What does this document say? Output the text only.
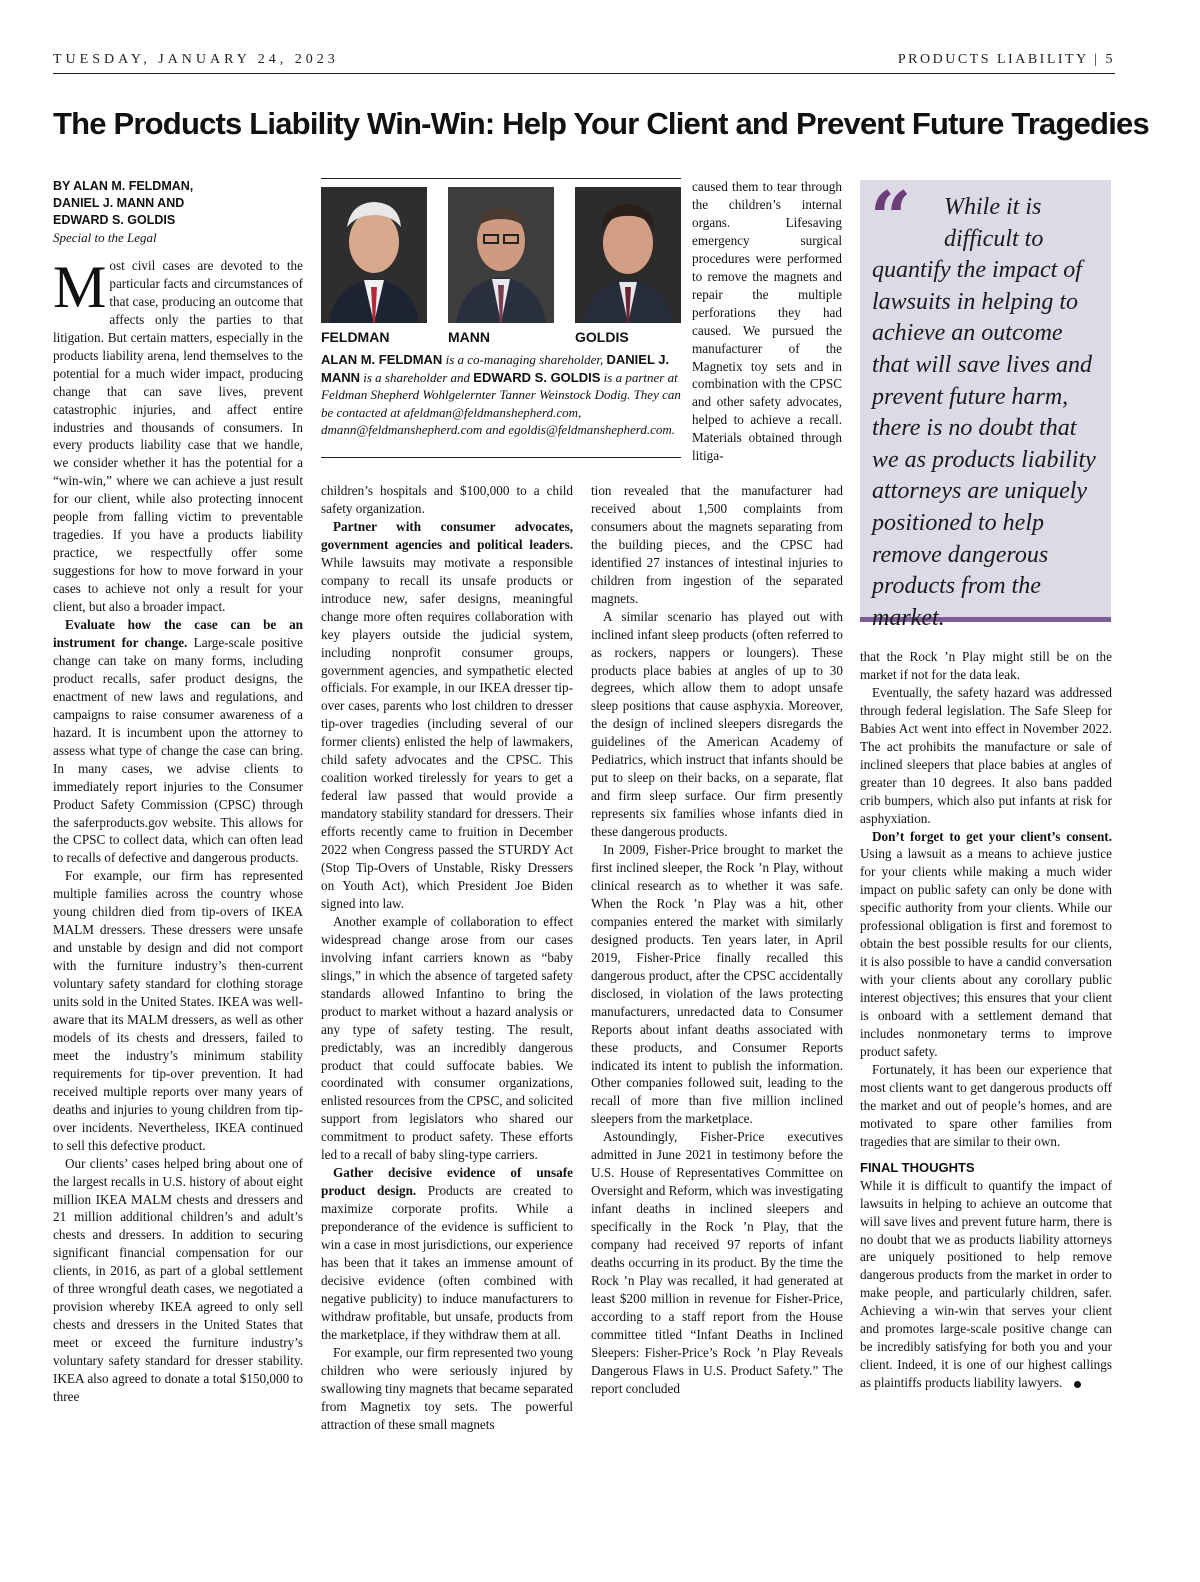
TUESDAY, JANUARY 24, 2023	PRODUCTS LIABILITY | 5
The Products Liability Win-Win: Help Your Client and Prevent Future Tragedies
BY ALAN M. FELDMAN,
DANIEL J. MANN AND
EDWARD S. GOLDIS
Special to the Legal

Most civil cases are devoted to the particular facts and circumstances of that case, producing an outcome that affects only the parties to that litigation. But certain matters, especially in the products liability arena, lend themselves to the potential for a much wider impact, producing change that can save lives, prevent catastrophic injuries, and affect entire industries and thousands of consumers. In every products liability case that we handle, we consider whether it has the potential for a “win-win,” where we can achieve a just result for our client, while also protecting innocent people from falling victim to preventable tragedies. If you have a products liability practice, we respectfully offer some suggestions for how to move forward in your cases to achieve not only a result for your client, but also a broader impact.

Evaluate how the case can be an instrument for change. Large-scale positive change can take on many forms, including product recalls, safer product designs, the enactment of new laws and regulations, and campaigns to raise consumer awareness of a hazard. It is incumbent upon the attorney to assess what type of change the case can bring. In many cases, we advise clients to immediately report injuries to the Consumer Product Safety Commission (CPSC) through the saferproducts.gov website. This allows for the CPSC to collect data, which can often lead to recalls of defective and dangerous products.

For example, our firm has represented multiple families across the country whose young children died from tip-overs of IKEA MALM dressers. These dressers were unsafe and unstable by design and did not comport with the furniture industry’s then-current voluntary safety standard for clothing storage units sold in the United States. IKEA was well-aware that its MALM dressers, as well as other models of its chests and dressers, failed to meet the industry’s minimum stability requirements for tip-over prevention. It had received multiple reports over many years of deaths and injuries to young children from tip-over incidents. Nevertheless, IKEA continued to sell this defective product.

Our clients’ cases helped bring about one of the largest recalls in U.S. history of about eight million IKEA MALM chests and dressers and 21 million additional children’s and adult’s chests and dressers. In addition to securing significant financial compensation for our clients, in 2016, as part of a global settlement of three wrongful death cases, we negotiated a provision whereby IKEA agreed to only sell chests and dressers in the United States that meet or exceed the furniture industry’s voluntary safety standard for dresser stability. IKEA also agreed to donate a total $150,000 to three

FELDMAN	MANN	GOLDIS
ALAN M. FELDMAN is a co-managing shareholder, DANIEL J. MANN is a shareholder and EDWARD S. GOLDIS is a partner at Feldman Shepherd Wohlgelernter Tanner Weinstock Dodig. They can be contacted at afeldman@feldmanshepherd.com, dmann@feldmanshepherd.com and egoldis@feldmanshepherd.com.

children’s hospitals and $100,000 to a child safety organization.

Partner with consumer advocates, government agencies and political leaders. While lawsuits may motivate a responsible company to recall its unsafe products or introduce new, safer designs, meaningful change more often requires collaboration with key players outside the judicial system, including nonprofit consumer groups, government agencies, and sympathetic elected officials. For example, in our IKEA dresser tip-over cases, parents who lost children to dresser tip-over tragedies (including several of our former clients) enlisted the help of lawmakers, child safety advocates and the CPSC. This coalition worked tirelessly for years to get a federal law passed that would provide a mandatory stability standard for dressers. Their efforts recently came to fruition in December 2022 when Congress passed the STURDY Act (Stop Tip-Overs of Unstable, Risky Dressers on Youth Act), which President Joe Biden signed into law.

Another example of collaboration to effect widespread change arose from our cases involving infant carriers known as “baby slings,” in which the absence of targeted safety standards allowed Infantino to bring the product to market without a hazard analysis or any type of safety testing. The result, predictably, was an incredibly dangerous product that could suffocate babies. We coordinated with consumer organizations, enlisted resources from the CPSC, and solicited support from legislators who shared our commitment to product safety. These efforts led to a recall of baby sling-type carriers.

Gather decisive evidence of unsafe product design. Products are created to maximize corporate profits. While a preponderance of the evidence is sufficient to win a case in most jurisdictions, our experience has been that it takes an immense amount of decisive evidence (often combined with negative publicity) to induce manufacturers to withdraw profitable, but unsafe, products from the marketplace, if they withdraw them at all.

For example, our firm represented two young children who were seriously injured by swallowing tiny magnets that became separated from Magnetix toy sets. The powerful attraction of these small magnets

caused them to tear through the children’s internal organs. Lifesaving emergency surgical procedures were performed to remove the magnets and repair the multiple perforations they had caused. We pursued the manufacturer of the Magnetix toy sets and in combination with the CPSC and other safety advocates, helped to achieve a recall. Materials obtained through litiga-

tion revealed that the manufacturer had received about 1,500 complaints from consumers about the magnets separating from the building pieces, and the CPSC had identified 27 instances of intestinal injuries to children from ingestion of the separated magnets.

A similar scenario has played out with inclined infant sleep products (often referred to as rockers, nappers or loungers). These products place babies at angles of up to 30 degrees, which allow them to adopt unsafe sleep positions that cause asphyxia. Moreover, the design of inclined sleepers disregards the guidelines of the American Academy of Pediatrics, which instruct that infants should be put to sleep on their backs, on a separate, flat and firm sleep surface. Our firm presently represents six families whose infants died in these dangerous products.

In 2009, Fisher-Price brought to market the first inclined sleeper, the Rock ’n Play, without clinical research as to whether it was safe. When the Rock ’n Play was a hit, other companies entered the market with similarly designed products. Ten years later, in April 2019, Fisher-Price finally recalled this dangerous product, after the CPSC accidentally disclosed, in violation of the laws protecting manufacturers, unredacted data to Consumer Reports about infant deaths associated with these products, and Consumer Reports indicated its intent to publish the information. Other companies followed suit, leading to the recall of more than five million inclined sleepers from the marketplace.

Astoundingly, Fisher-Price executives admitted in June 2021 in testimony before the U.S. House of Representatives Committee on Oversight and Reform, which was investigating infant deaths in inclined sleepers and specifically in the Rock ’n Play, that the company had received 97 reports of infant deaths occurring in its product. By the time the Rock ’n Play was recalled, it had generated at least $200 million in revenue for Fisher-Price, according to a staff report from the House committee titled “Infant Deaths in Inclined Sleepers: Fisher-Price’s Rock ’n Play Reveals Dangerous Flaws in U.S. Product Safety.” The report concluded

“	While it is difficult to
quantify the impact of lawsuits in helping to achieve an outcome that will save lives and prevent future harm, there is no doubt that we as products liability attorneys are uniquely positioned to help remove dangerous products from the market.

that the Rock ’n Play might still be on the market if not for the data leak.

Eventually, the safety hazard was addressed through federal legislation. The Safe Sleep for Babies Act went into effect in November 2022. The act prohibits the manufacture or sale of inclined sleepers that place babies at angles of greater than 10 degrees. It also bans padded crib bumpers, which also put infants at risk for asphyxiation.

Don’t forget to get your client’s consent. Using a lawsuit as a means to achieve justice for your clients while making a much wider impact on public safety can only be done with specific authority from your clients. While our professional obligation is first and foremost to obtain the best possible results for our clients, it is also possible to have a candid conversation with your clients about any corollary public interest objectives; this ensures that your client is onboard with a settlement demand that includes nonmonetary terms to improve product safety.

Fortunately, it has been our experience that most clients want to get dangerous products off the market and out of people’s homes, and are motivated to spare other families from tragedies that are similar to their own.

FINAL THOUGHTS

While it is difficult to quantify the impact of lawsuits in helping to achieve an outcome that will save lives and prevent future harm, there is no doubt that we as products liability attorneys are uniquely positioned to help remove dangerous products from the market in order to make people, and particularly children, safer. Achieving a win-win that serves your client and promotes large-scale positive change can be incredibly satisfying for both you and your client. Indeed, it is one of our highest callings as plaintiffs products liability lawyers.
